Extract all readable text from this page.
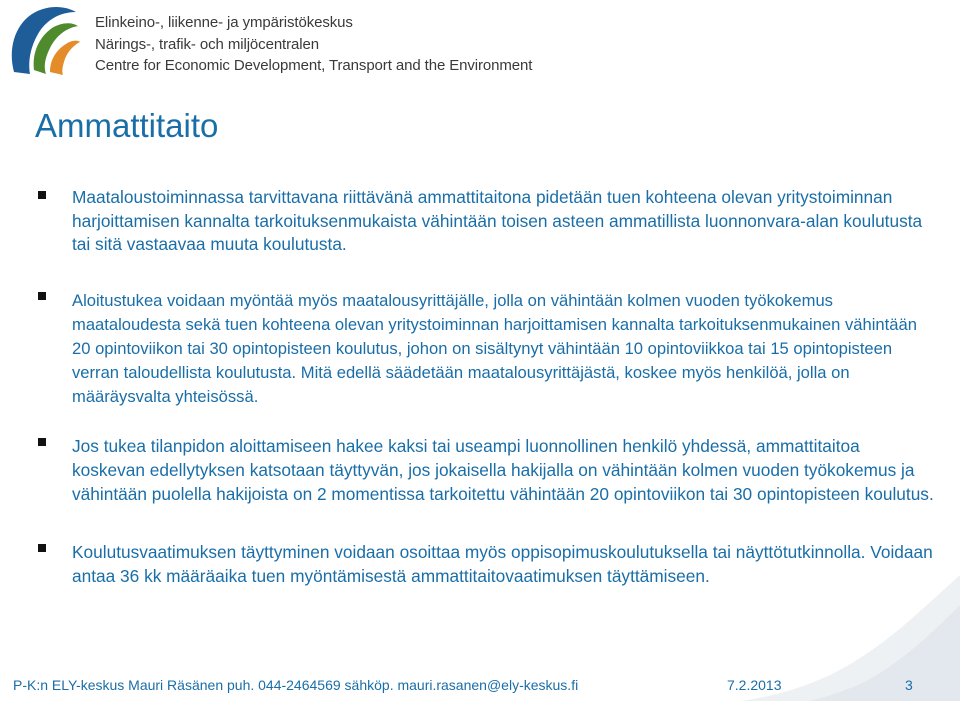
Elinkeino-, liikenne- ja ympäristökeskus
Närings-, trafik- och miljöcentralen
Centre for Economic Development, Transport and the Environment
Ammattitaito
Maataloustoiminnassa tarvittavana riittävänä ammattitaitona pidetään tuen kohteena olevan yritystoiminnan harjoittamisen kannalta tarkoituksenmukaista vähintään toisen asteen ammatillista luonnonvara-alan koulutusta tai sitä vastaavaa muuta koulutusta.
Aloitustukea voidaan myöntää myös maatalousyrittäjälle, jolla on vähintään kolmen vuoden työkokemus maataloudesta sekä tuen kohteena olevan yritystoiminnan harjoittamisen kannalta tarkoituksenmukainen vähintään 20 opintoviikon tai 30 opintopisteen koulutus, johon on sisältynyt vähintään 10 opintoviikkoa tai 15 opintopisteen verran taloudellista koulutusta. Mitä edellä säädetään maatalousyrittäjästä, koskee myös henkilöä, jolla on määräysvalta yhteisössä.
Jos tukea tilanpidon aloittamiseen hakee kaksi tai useampi luonnollinen henkilö yhdessä, ammattitaitoa koskevan edellytyksen katsotaan täyttyvän, jos jokaisella hakijalla on vähintään kolmen vuoden työkokemus ja vähintään puolella hakijoista on 2 momentissa tarkoitettu vähintään 20 opintoviikon tai 30 opintopisteen koulutus.
Koulutusvaatimuksen täyttyminen voidaan osoittaa myös oppisopimuskoulutuksella tai näyttötutkinnolla. Voidaan antaa 36 kk määräaika tuen myöntämisestä ammattitaitovaatimuksen täyttämiseen.
P-K:n ELY-keskus Mauri Räsänen puh. 044-2464569 sähköp. mauri.rasanen@ely-keskus.fi	7.2.2013	3
